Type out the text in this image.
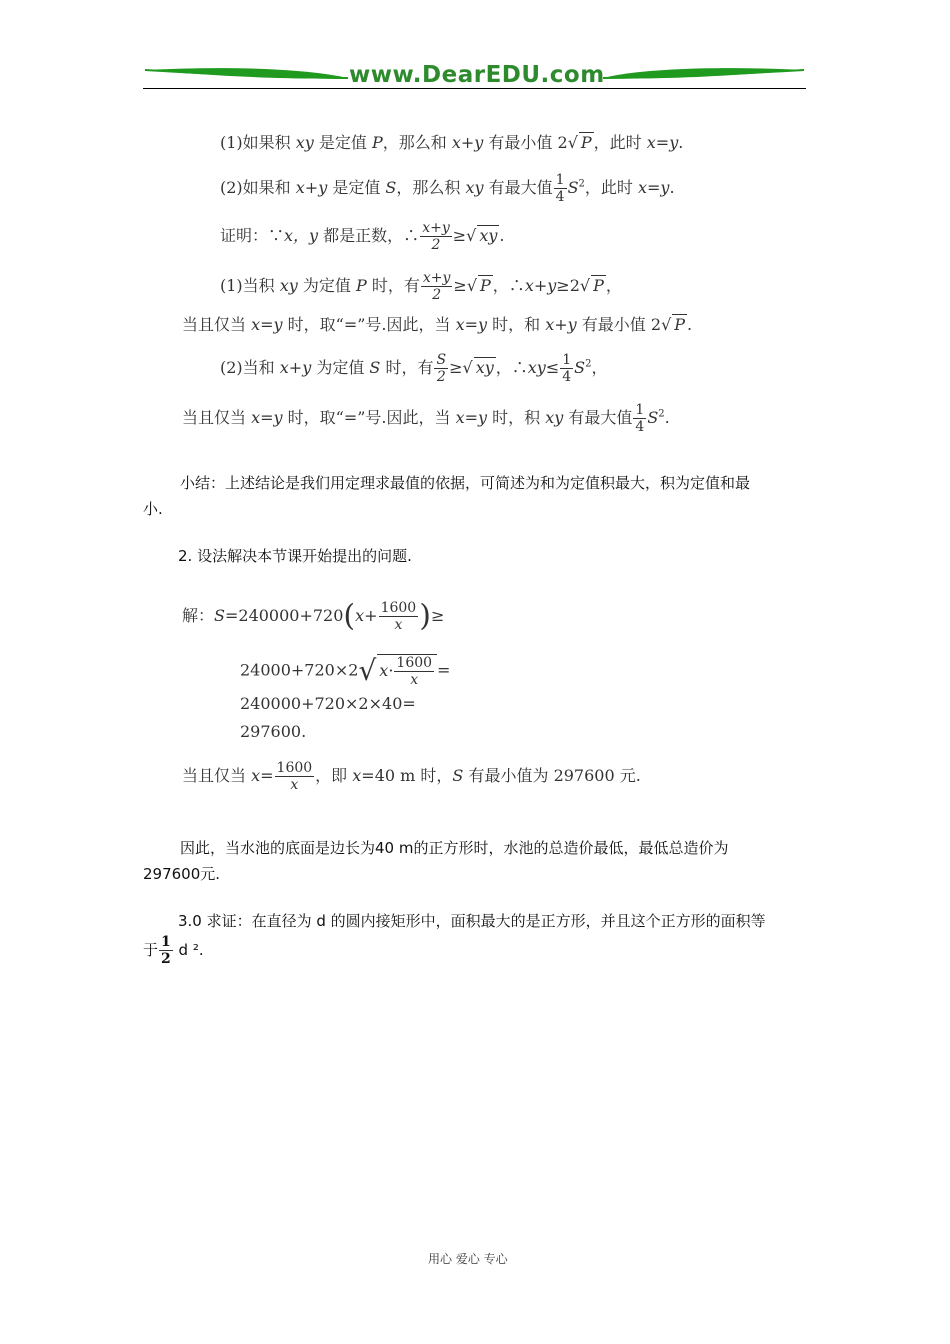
www.DearEDU.com
(1)如果积 xy 是定值 P，那么和 x+y 有最小值 2√ P ，此时 x=y.
(2)如果和 x+y 是定值 S，那么积 xy 有最大值 $\frac{1}{4} S^2$，此时 x=y.
证明：∵x，y 都是正数，∴ $\frac{x+y}{2}$ ≥√ xy .
(1)当积 xy 为定值 P 时，有 $\frac{x+y}{2}$ ≥√ P ，∴x+y≥2√ P ，
当且仅当 x=y 时，取“=”号.因此，当 x=y 时，和 x+y 有最小值 2√ P .
(2)当和 x+y 为定值 S 时，有 $\frac{S}{2}$ ≥√ xy ，∴xy≤ $\frac{1}{4} S^2$，
当且仅当 x=y 时，取“=”号.因此，当 x=y 时，积 xy 有最大值 $\frac{1}{4} S^2$.
小结：上述结论是我们用定理求最值的依据，可简述为和为定值积最大，积为定值和最
小.
2. 设法解决本节课开始提出的问题.
解：$S=240000+720(x+ \frac{1600}{x}$ )≥
24000+720×2√ $x\cdot \frac{1600}{x}$ =
240000+720×2×40=
297600.
当且仅当 $x= \frac{1600}{x}$ ，即 x=40 m 时，S 有最小值为 297600 元.
因此，当水池的底面是边长为40 m的正方形时，水池的总造价最低，最低总造价为
297600元.
3.0 求证：在直径为 d 的圆内接矩形中，面积最大的是正方形，并且这个正方形的面积等
于 $\frac{1}{2}$ d ².
用心 爱心 专心
